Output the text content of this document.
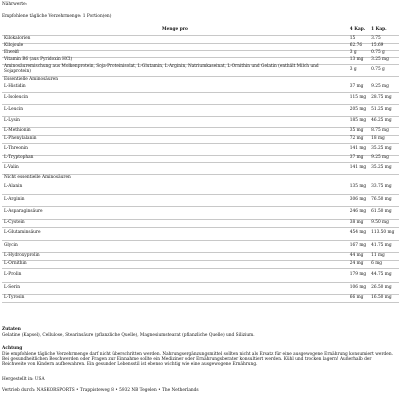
Nährwerte:
Empfohlene tägliche Verzehrmenge: 1 Portion(en)
Menge pro	4 Kap.	1 Kap.
Kilokalorien	15	3.75
Kilojoule	62.76	15.69
Eiweiß	3 g	0.75 g
Vitamin B6 (aus Pyridoxin HCl)	13 mg	3.25 mg
Aminosäuremischung aus Molkenprotein, Soja-Proteinisolat, L-Glutamin, L-Arginin, Natriumkaseinat, L-Ornithin und Gelatin (enthält Milch und Sojaprotein)	3 g	0.75 g
Essentielle Aminosäuren		
L-Histidin	37 mg	9.25 mg
L-Isoleucin	115 mg	28.75 mg
L-Leucin	205 mg	51.25 mg
L-Lysin	185 mg	46.25 mg
L-Methionin	35 mg	8.75 mg
L-Phenylalanin	72 mg	18 mg
L-Threonin	141 mg	35.25 mg
L-Tryptophan	37 mg	9.25 mg
L-Valin	141 mg	35.25 mg
Nicht essentielle Aminosäuren		
L-Alanin	135 mg	33.75 mg
L-Arginin	306 mg	76.50 mg
L-Asparaginsäure	246 mg	61.50 mg
L-Cystein	38 mg	9.50 mg
L-Glutaminsäure	454 mg	113.50 mg
Glycin	167 mg	41.75 mg
L-Hydroxyprolin	44 mg	11 mg
L-Ornithin	24 mg	6 mg
L-Prolin	179 mg	44.75 mg
L-Serin	106 mg	26.50 mg
L-Tyrosin	66 mg	16.50 mg
Zutaten
Gelatine (Kapsel), Cellulose, Stearinsäure (pflanzliche Quelle), Magnesiumstearat (pflanzliche Quelle) und Silizium.
Achtung
Die empfohlene tägliche Verzehrmenge darf nicht überschritten werden. Nahrungsergänzungsmittel sollten nicht als Ersatz für eine ausgewogene Ernährung konsumiert werden. Bei gesundheitlichen Beschwerden oder Fragen zur Einnahme sollte ein Mediziner oder Ernährungsberater konsultiert werden. Kühl und trocken lagern! Außerhalb der Reichweite von Kindern aufbewahren. Ein gesunder Lebensstil ist ebenso wichtig wie eine ausgewogene Ernährung.
Hergestellt in: USA
Vertrieb durch: NASKORSPORTS • Trappisteweg 8 • 5932 NB Tegelen • The Netherlands
